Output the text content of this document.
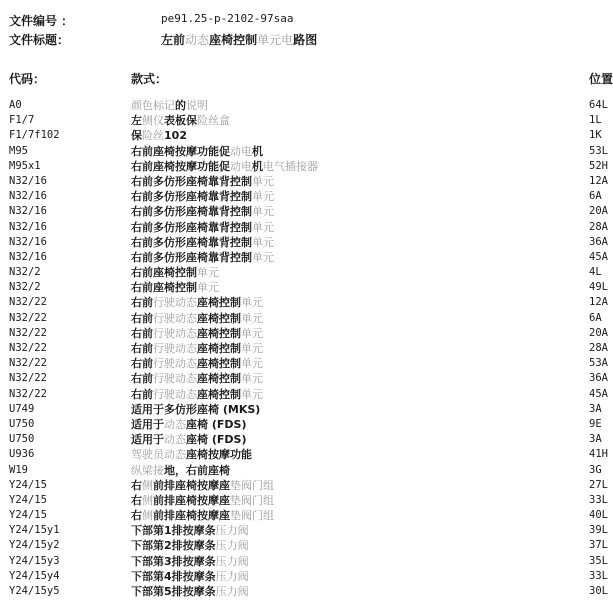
文件编号 ：	pe91.25-p-2102-97saa
文件标题：	左前动态座椅控制单元电路图
代码：	款式：	位置
A0	颜色标记的说明	64L
F1/7	左侧仪表板保险丝盒	1L
F1/7f102	保险丝102	1K
M95	右前座椅按摩功能促动电机	53L
M95x1	右前座椅按摩功能促动电机电气插接器	52H
N32/16	右前多仿形座椅靠背控制单元	12A
N32/16	右前多仿形座椅靠背控制单元	6A
N32/16	右前多仿形座椅靠背控制单元	20A
N32/16	右前多仿形座椅靠背控制单元	28A
N32/16	右前多仿形座椅靠背控制单元	36A
N32/16	右前多仿形座椅靠背控制单元	45A
N32/2	右前座椅控制单元	4L
N32/2	右前座椅控制单元	49L
N32/22	右前行驶动态座椅控制单元	12A
N32/22	右前行驶动态座椅控制单元	6A
N32/22	右前行驶动态座椅控制单元	20A
N32/22	右前行驶动态座椅控制单元	28A
N32/22	右前行驶动态座椅控制单元	53A
N32/22	右前行驶动态座椅控制单元	36A
N32/22	右前行驶动态座椅控制单元	45A
U749	适用于多仿形座椅 (MKS)	3A
U750	适用于动态座椅 (FDS)	9E
U750	适用于动态座椅 (FDS)	3A
U936	驾驶员动态座椅按摩功能	41H
W19	纵梁接地，右前座椅	3G
Y24/15	右侧前排座椅按摩座垫阀门组	27L
Y24/15	右侧前排座椅按摩座垫阀门组	33L
Y24/15	右侧前排座椅按摩座垫阀门组	40L
Y24/15y1	下部第1排按摩条压力阀	39L
Y24/15y2	下部第2排按摩条压力阀	37L
Y24/15y3	下部第3排按摩条压力阀	35L
Y24/15y4	下部第4排按摩条压力阀	33L
Y24/15y5	下部第5排按摩条压力阀	30L
